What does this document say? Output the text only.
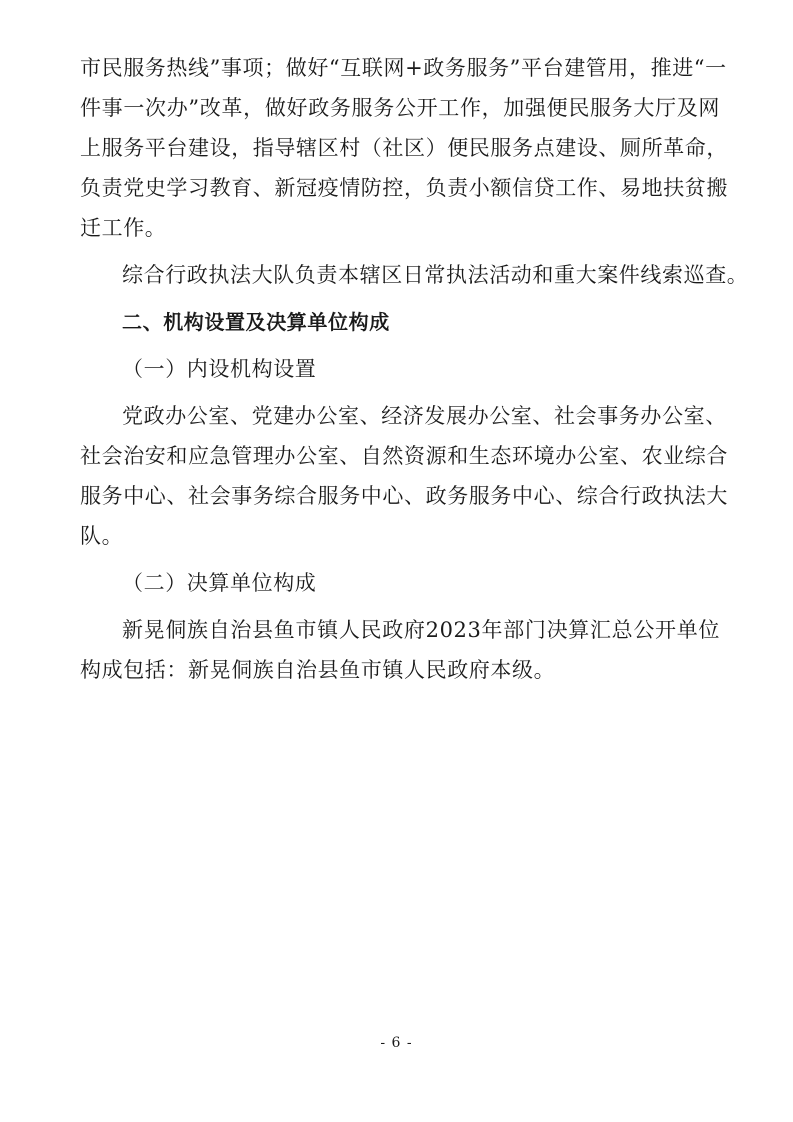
市民服务热线”事项；做好“互联网+政务服务”平台建管用，推进“一
件事一次办”改革，做好政务服务公开工作，加强便民服务大厅及网
上服务平台建设，指导辖区村（社区）便民服务点建设、厕所革命，
负责党史学习教育、新冠疫情防控，负责小额信贷工作、易地扶贫搬
迁工作。
综合行政执法大队负责本辖区日常执法活动和重大案件线索巡查。
二、机构设置及决算单位构成
（一）内设机构设置
党政办公室、党建办公室、经济发展办公室、社会事务办公室、
社会治安和应急管理办公室、自然资源和生态环境办公室、农业综合
服务中心、社会事务综合服务中心、政务服务中心、综合行政执法大
队。
（二）决算单位构成
新晃侗族自治县鱼市镇人民政府2023年部门决算汇总公开单位
构成包括：新晃侗族自治县鱼市镇人民政府本级。
- 6 -
